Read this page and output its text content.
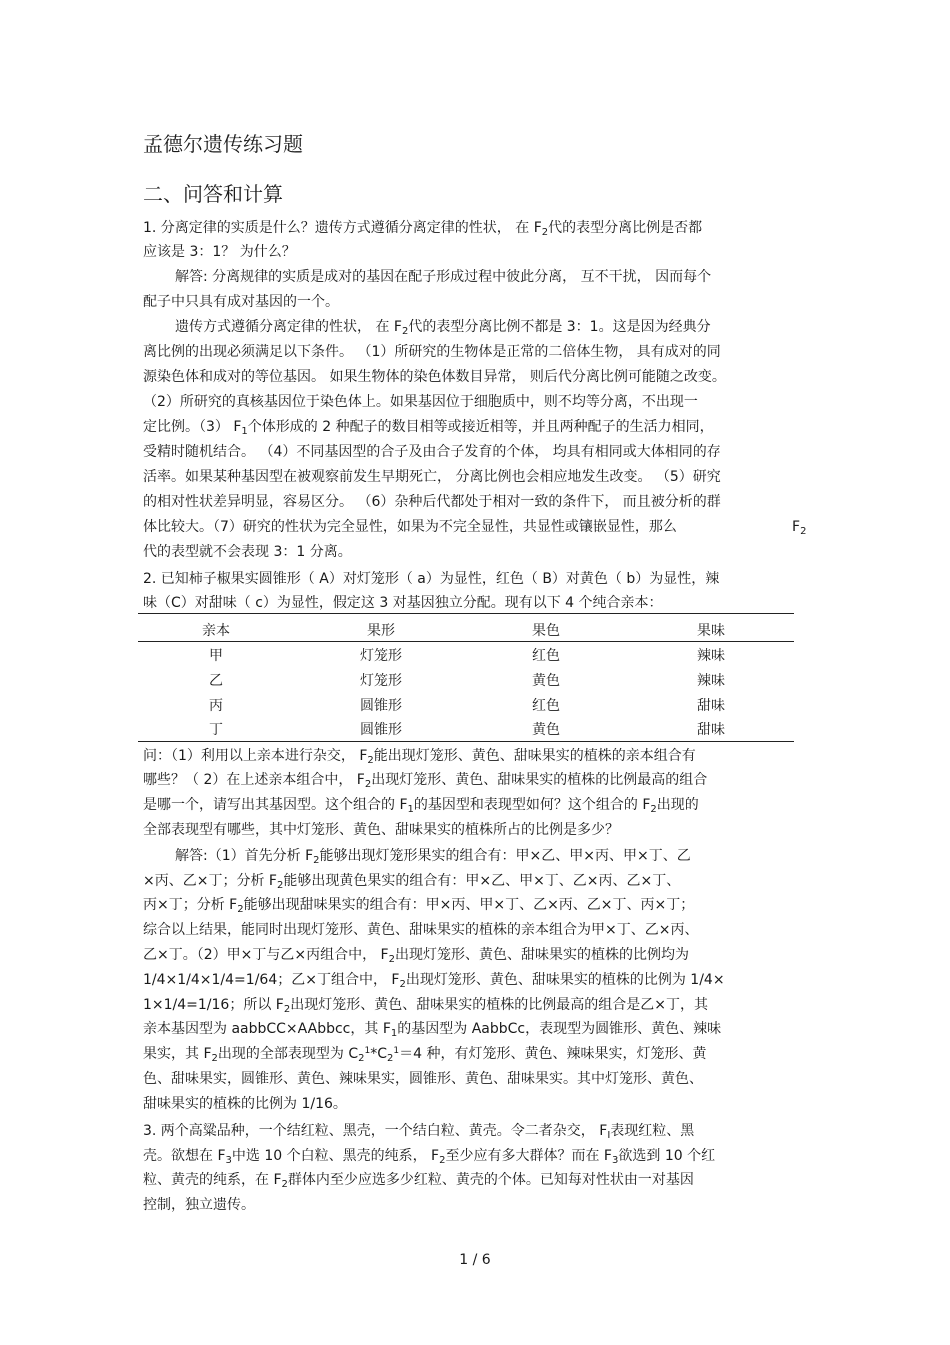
孟德尔遗传练习题
二、问答和计算
1. 分离定律的实质是什么？遗传方式遵循分离定律的性状， 在 $F_2$代的表型分离比例是否都
应该是 3：1？ 为什么？
解答: 分离规律的实质是成对的基因在配子形成过程中彼此分离， 互不干扰， 因而每个
配子中只具有成对基因的一个。
遗传方式遵循分离定律的性状， 在 $F_2$代的表型分离比例不都是 3：1。这是因为经典分
离比例的出现必须满足以下条件。 （1）所研究的生物体是正常的二倍体生物， 具有成对的同
源染色体和成对的等位基因。 如果生物体的染色体数目异常， 则后代分离比例可能随之改变。
（2）所研究的真核基因位于染色体上。如果基因位于细胞质中，则不均等分离，不出现一
定比例。（3） $F_1$个体形成的 2 种配子的数目相等或接近相等，并且两种配子的生活力相同，
受精时随机结合。 （4）不同基因型的合子及由合子发育的个体， 均具有相同或大体相同的存
活率。如果某种基因型在被观察前发生早期死亡， 分离比例也会相应地发生改变。 （5）研究
的相对性状差异明显，容易区分。 （6）杂种后代都处于相对一致的条件下， 而且被分析的群
体比较大。（7）研究的性状为完全显性，如果为不完全显性，共显性或镶嵌显性，那么	$F_2$
代的表型就不会表现 3：1 分离。
2. 已知柿子椒果实圆锥形（ A）对灯笼形（ a）为显性，红色（ B）对黄色（ b）为显性，辣
味（C）对甜味（ c）为显性，假定这 3 对基因独立分配。现有以下 4 个纯合亲本：
亲本	果形	果色	果味
甲	灯笼形	红色	辣味
乙	灯笼形	黄色	辣味
丙	圆锥形	红色	甜味
丁	圆锥形	黄色	甜味
问：（1）利用以上亲本进行杂交， $F_2$能出现灯笼形、黄色、甜味果实的植株的亲本组合有
哪些？（ 2）在上述亲本组合中， $F_2$出现灯笼形、黄色、甜味果实的植株的比例最高的组合
是哪一个，请写出其基因型。这个组合的 $F_1$的基因型和表现型如何？这个组合的 $F_2$出现的
全部表现型有哪些，其中灯笼形、黄色、甜味果实的植株所占的比例是多少？
解答:（1）首先分析 $F_2$能够出现灯笼形果实的组合有：甲×乙、甲×丙、甲×丁、乙
×丙、乙×丁；分析 $F_2$能够出现黄色果实的组合有：甲×乙、甲×丁、乙×丙、乙×丁、
丙×丁；分析 $F_2$能够出现甜味果实的组合有：甲×丙、甲×丁、乙×丙、乙×丁、丙×丁；
综合以上结果，能同时出现灯笼形、黄色、甜味果实的植株的亲本组合为甲×丁、乙×丙、
乙×丁。（2）甲×丁与乙×丙组合中， $F_2$出现灯笼形、黄色、甜味果实的植株的比例均为
1/4×1/4×1/4=1/64；乙×丁组合中， $F_2$出现灯笼形、黄色、甜味果实的植株的比例为 1/4×
1×1/4=1/16；所以 $F_2$出现灯笼形、黄色、甜味果实的植株的比例最高的组合是乙×丁，其
亲本基因型为 aabbCC×AAbbcc，其 $F_1$的基因型为 AabbCc，表现型为圆锥形、黄色、辣味
果实，其 $F_2$出现的全部表现型为 $C_2^1*C_2^1=4$ 种，有灯笼形、黄色、辣味果实，灯笼形、黄
色、甜味果实，圆锥形、黄色、辣味果实，圆锥形、黄色、甜味果实。其中灯笼形、黄色、
甜味果实的植株的比例为 1/16。
3. 两个高粱品种，一个结红粒、黑壳，一个结白粒、黄壳。令二者杂交， $F_I$表现红粒、黑
壳。欲想在 $F_3$中选 10 个白粒、黑壳的纯系， $F_2$至少应有多大群体？而在 $F_3$欲选到 10 个红
粒、黄壳的纯系，在 $F_2$群体内至少应选多少红粒、黄壳的个体。已知每对性状由一对基因
控制，独立遗传。
1 / 6
